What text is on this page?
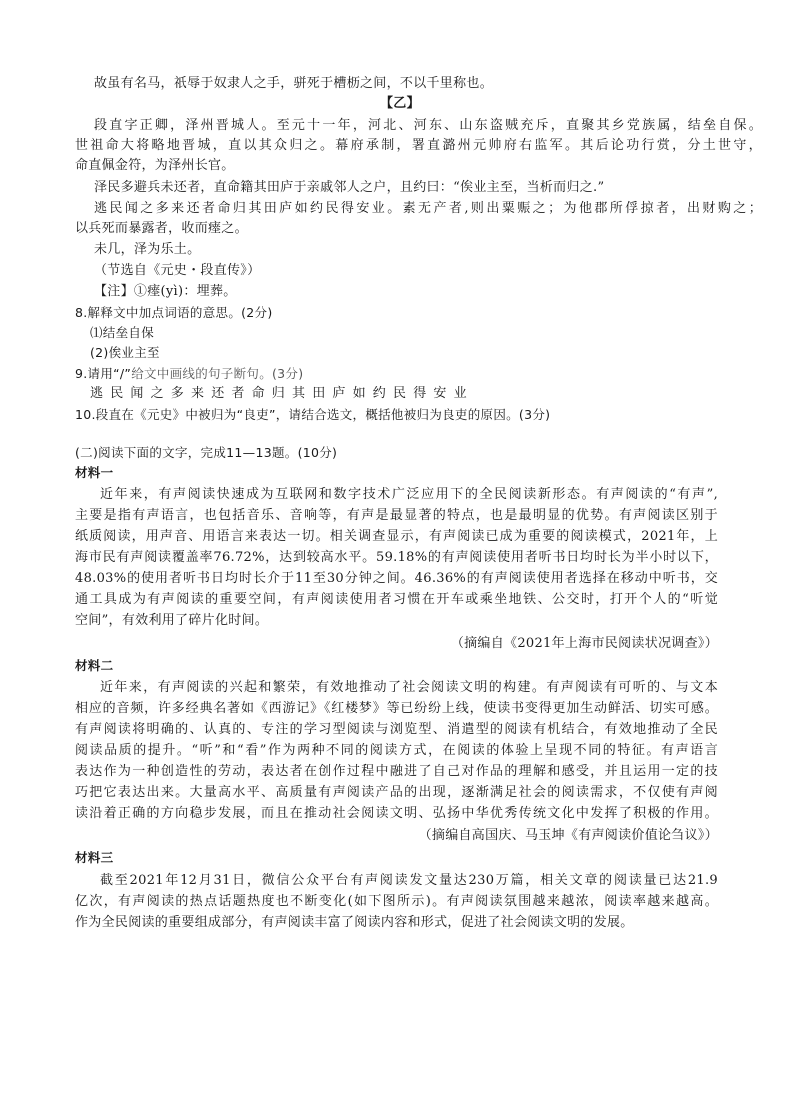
故虽有名马，祇辱于奴隶人之手，骈死于槽枥之间，不以千里称也。
【乙】
段直字正卿，泽州晋城人。至元十一年，河北、河东、山东盗贼充斥，直聚其乡党族属，结垒自保。
世祖命大将略地晋城，直以其众归之。幕府承制，署直潞州元帅府右监军。其后论功行赏，分土世守，
命直佩金符，为泽州长官。
泽民多避兵未还者，直命籍其田庐于亲戚邻人之户，且约曰：“俟业主至，当析而归之.”
逃民闻之多来还者命归其田庐如约民得安业。素无产者,则出粟赈之；为他郡所俘掠者，出财购之；
以兵死而暴露者，收而瘗之。
未几，泽为乐土。
（节选自《元史・段直传》）
【注】①瘗(yì)：埋葬。
8.解释文中加点词语的意思。(2分)
⑴结垒自保
(2)俟业主至
9.请用“/”给文中画线的句子断句。(3分)
逃民闻之多来还者命归其田庐如约民得安业
10.段直在《元史》中被归为“良吏”，请结合选文，概括他被归为良吏的原因。(3分)
(二)阅读下面的文字，完成11—13题。(10分)
材料一
近年来，有声阅读快速成为互联网和数字技术广泛应用下的全民阅读新形态。有声阅读的“有声”,
主要是指有声语言，也包括音乐、音响等，有声是最显著的特点，也是最明显的优势。有声阅读区别于
纸质阅读，用声音、用语言来表达一切。相关调查显示，有声阅读已成为重要的阅读模式，2021年，上
海市民有声阅读覆盖率76.72%，达到较高水平。59.18%的有声阅读使用者听书日均时长为半小时以下，
48.03%的使用者听书日均时长介于11至30分钟之间。46.36%的有声阅读使用者选择在移动中听书，交
通工具成为有声阅读的重要空间，有声阅读使用者习惯在开车或乘坐地铁、公交时，打开个人的“听觉
空间”，有效利用了碎片化时间。
（摘编自《2021年上海市民阅读状况调查》）
材料二
近年来，有声阅读的兴起和繁荣，有效地推动了社会阅读文明的构建。有声阅读有可听的、与文本
相应的音频，许多经典名著如《西游记》《红楼梦》等已纷纷上线，使读书变得更加生动鲜活、切实可感。
有声阅读将明确的、认真的、专注的学习型阅读与浏览型、消遣型的阅读有机结合，有效地推动了全民
阅读品质的提升。“听”和“看”作为两种不同的阅读方式，在阅读的体验上呈现不同的特征。有声语言
表达作为一种创造性的劳动，表达者在创作过程中融进了自己对作品的理解和感受，并且运用一定的技
巧把它表达出来。大量高水平、高质量有声阅读产品的出现，逐渐满足社会的阅读需求，不仅使有声阅
读沿着正确的方向稳步发展，而且在推动社会阅读文明、弘扬中华优秀传统文化中发挥了积极的作用。
（摘编自高国庆、马玉坤《有声阅读价值论刍议》）
材料三
截至2021年12月31日，微信公众平台有声阅读发文量达230万篇，相关文章的阅读量已达21.9
亿次，有声阅读的热点话题热度也不断变化(如下图所示)。有声阅读氛围越来越浓，阅读率越来越高。
作为全民阅读的重要组成部分，有声阅读丰富了阅读内容和形式，促进了社会阅读文明的发展。
